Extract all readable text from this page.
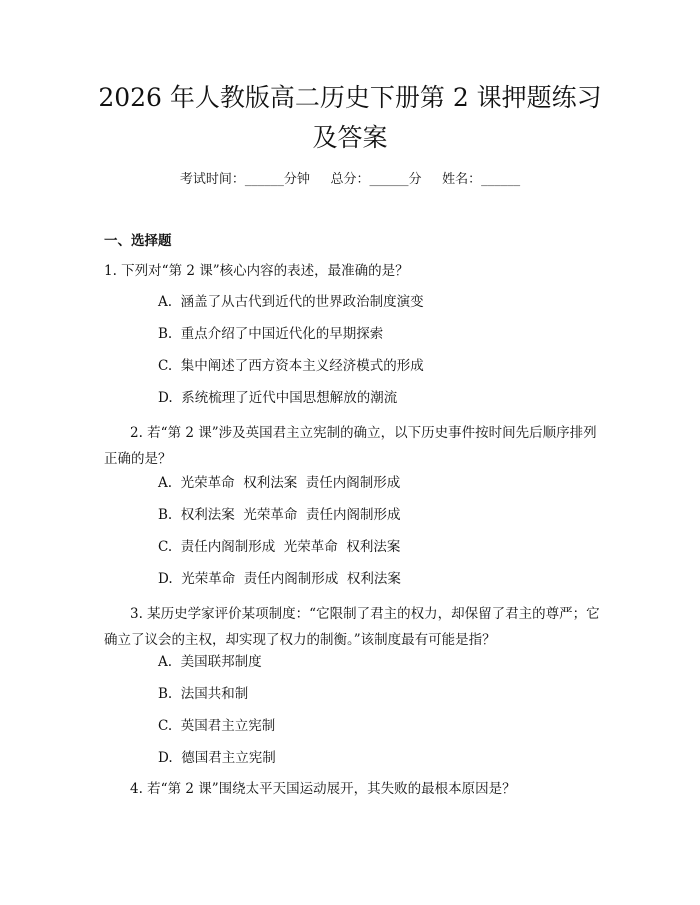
2026 年人教版高二历史下册第 2 课押题练习
及答案
考试时间：______分钟     总分：______分     姓名：______
一、选择题
1. 下列对“第 2 课”核心内容的表述，最准确的是？
A.  涵盖了从古代到近代的世界政治制度演变
B.  重点介绍了中国近代化的早期探索
C.  集中阐述了西方资本主义经济模式的形成
D.  系统梳理了近代中国思想解放的潮流
2. 若“第 2 课”涉及英国君主立宪制的确立，以下历史事件按时间先后顺序排列正确的是？
A.  光荣革命  权利法案  责任内阁制形成
B.  权利法案  光荣革命  责任内阁制形成
C.  责任内阁制形成  光荣革命  权利法案
D.  光荣革命  责任内阁制形成  权利法案
3. 某历史学家评价某项制度：“它限制了君主的权力，却保留了君主的尊严；它确立了议会的主权，却实现了权力的制衡。”该制度最有可能是指？
A.  美国联邦制度
B.  法国共和制
C.  英国君主立宪制
D.  德国君主立宪制
4. 若“第 2 课”围绕太平天国运动展开，其失败的最根本原因是？
